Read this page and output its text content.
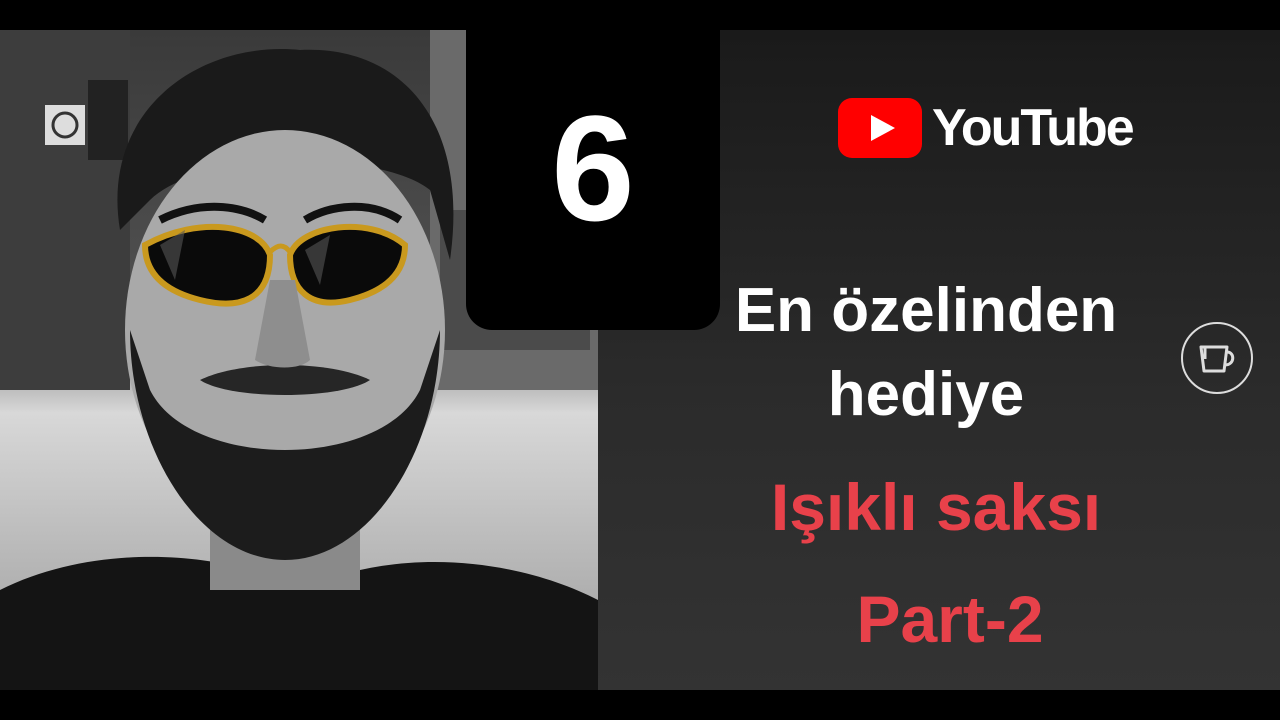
6	YouTube
En özelinden
hediye
Işıklı saksı
Part-2
